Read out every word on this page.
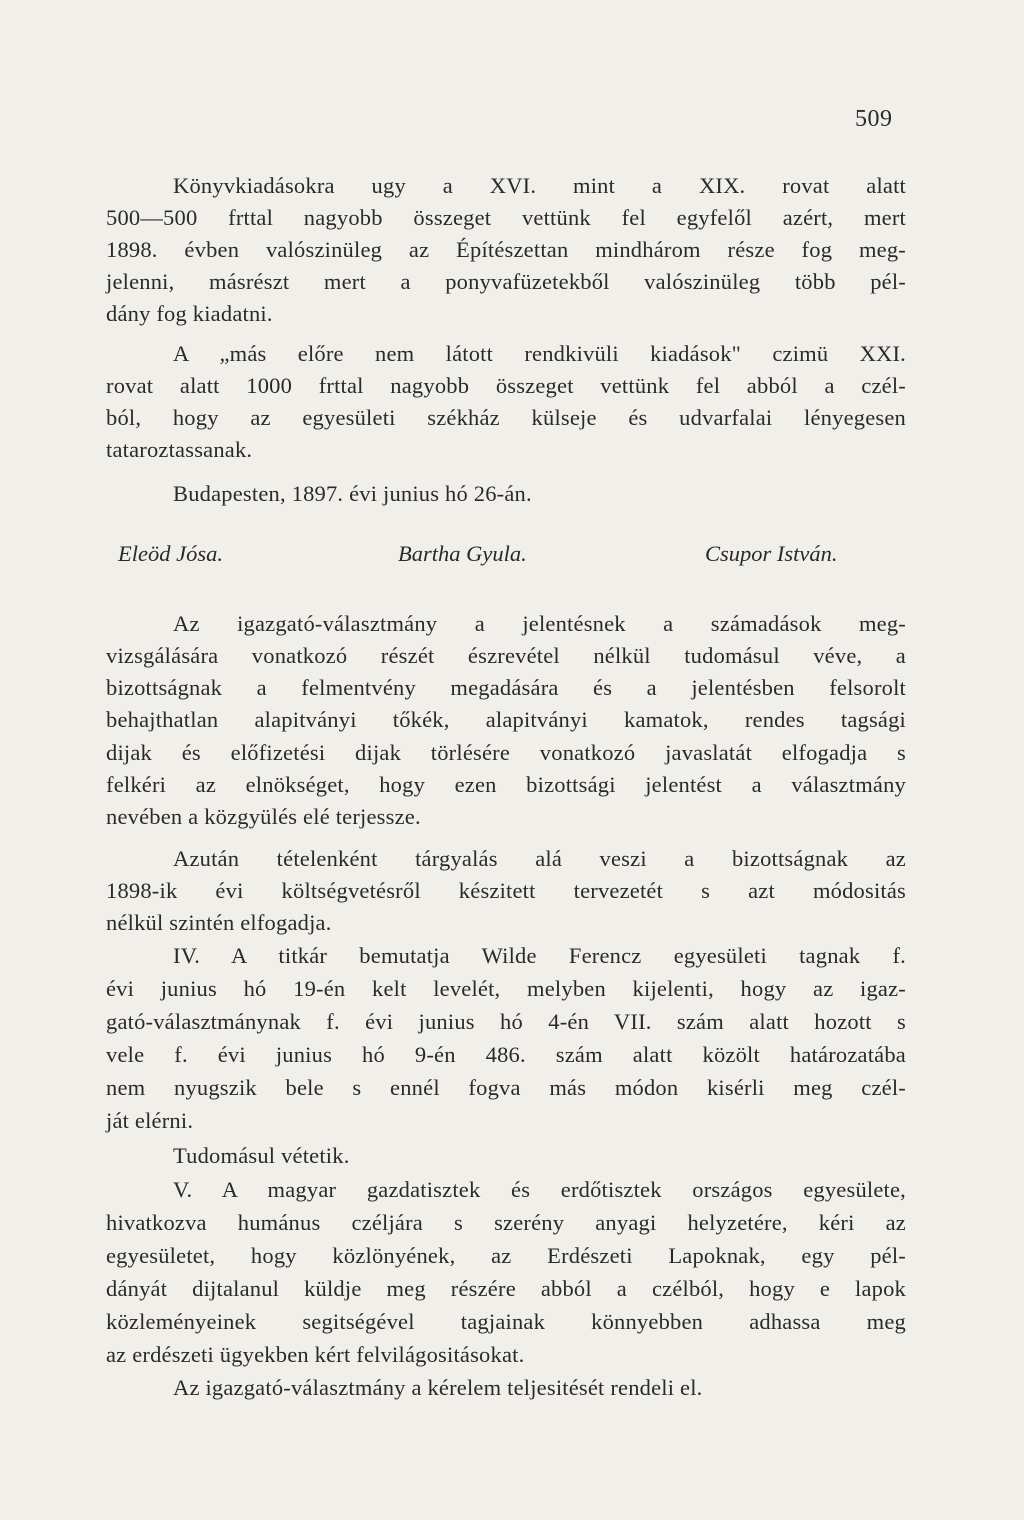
509
Könyvkiadásokra ugy a XVI. mint a XIX. rovat alatt
500—500 frttal nagyobb összeget vettünk fel egyfelől azért, mert
1898. évben valószinüleg az Építészettan mindhárom része fog meg-
jelenni, másrészt mert a ponyvafüzetekből valószinüleg több pél-
dány fog kiadatni.
A „más előre nem látott rendkivüli kiadások" czimü XXI.
rovat alatt 1000 frttal nagyobb összeget vettünk fel abból a czél-
ból, hogy az egyesületi székház külseje és udvarfalai lényegesen
tataroztassanak.
Budapesten, 1897. évi junius hó 26-án.
Eleöd Jósa.	Bartha Gyula.	Csupor István.
Az igazgató-választmány a jelentésnek a számadások meg-
vizsgálására vonatkozó részét észrevétel nélkül tudomásul véve, a
bizottságnak a felmentvény megadására és a jelentésben felsorolt
behajthatlan alapitványi tőkék, alapitványi kamatok, rendes tagsági
dijak és előfizetési dijak törlésére vonatkozó javaslatát elfogadja s
felkéri az elnökséget, hogy ezen bizottsági jelentést a választmány
nevében a közgyülés elé terjessze.
Azután tételenként tárgyalás alá veszi a bizottságnak az
1898-ik évi költségvetésről készitett tervezetét s azt módositás
nélkül szintén elfogadja.
IV. A titkár bemutatja Wilde Ferencz egyesületi tagnak f.
évi junius hó 19-én kelt levelét, melyben kijelenti, hogy az igaz-
gató-választmánynak f. évi junius hó 4-én VII. szám alatt hozott s
vele f. évi junius hó 9-én 486. szám alatt közölt határozatába
nem nyugszik bele s ennél fogva más módon kisérli meg czél-
ját elérni.
Tudomásul vétetik.
V. A magyar gazdatisztek és erdőtisztek országos egyesülete,
hivatkozva humánus czéljára s szerény anyagi helyzetére, kéri az
egyesületet, hogy közlönyének, az Erdészeti Lapoknak, egy pél-
dányát dijtalanul küldje meg részére abból a czélból, hogy e lapok
közleményeinek segitségével tagjainak könnyebben adhassa meg
az erdészeti ügyekben kért felvilágositásokat.
Az igazgató-választmány a kérelem teljesitését rendeli el.
